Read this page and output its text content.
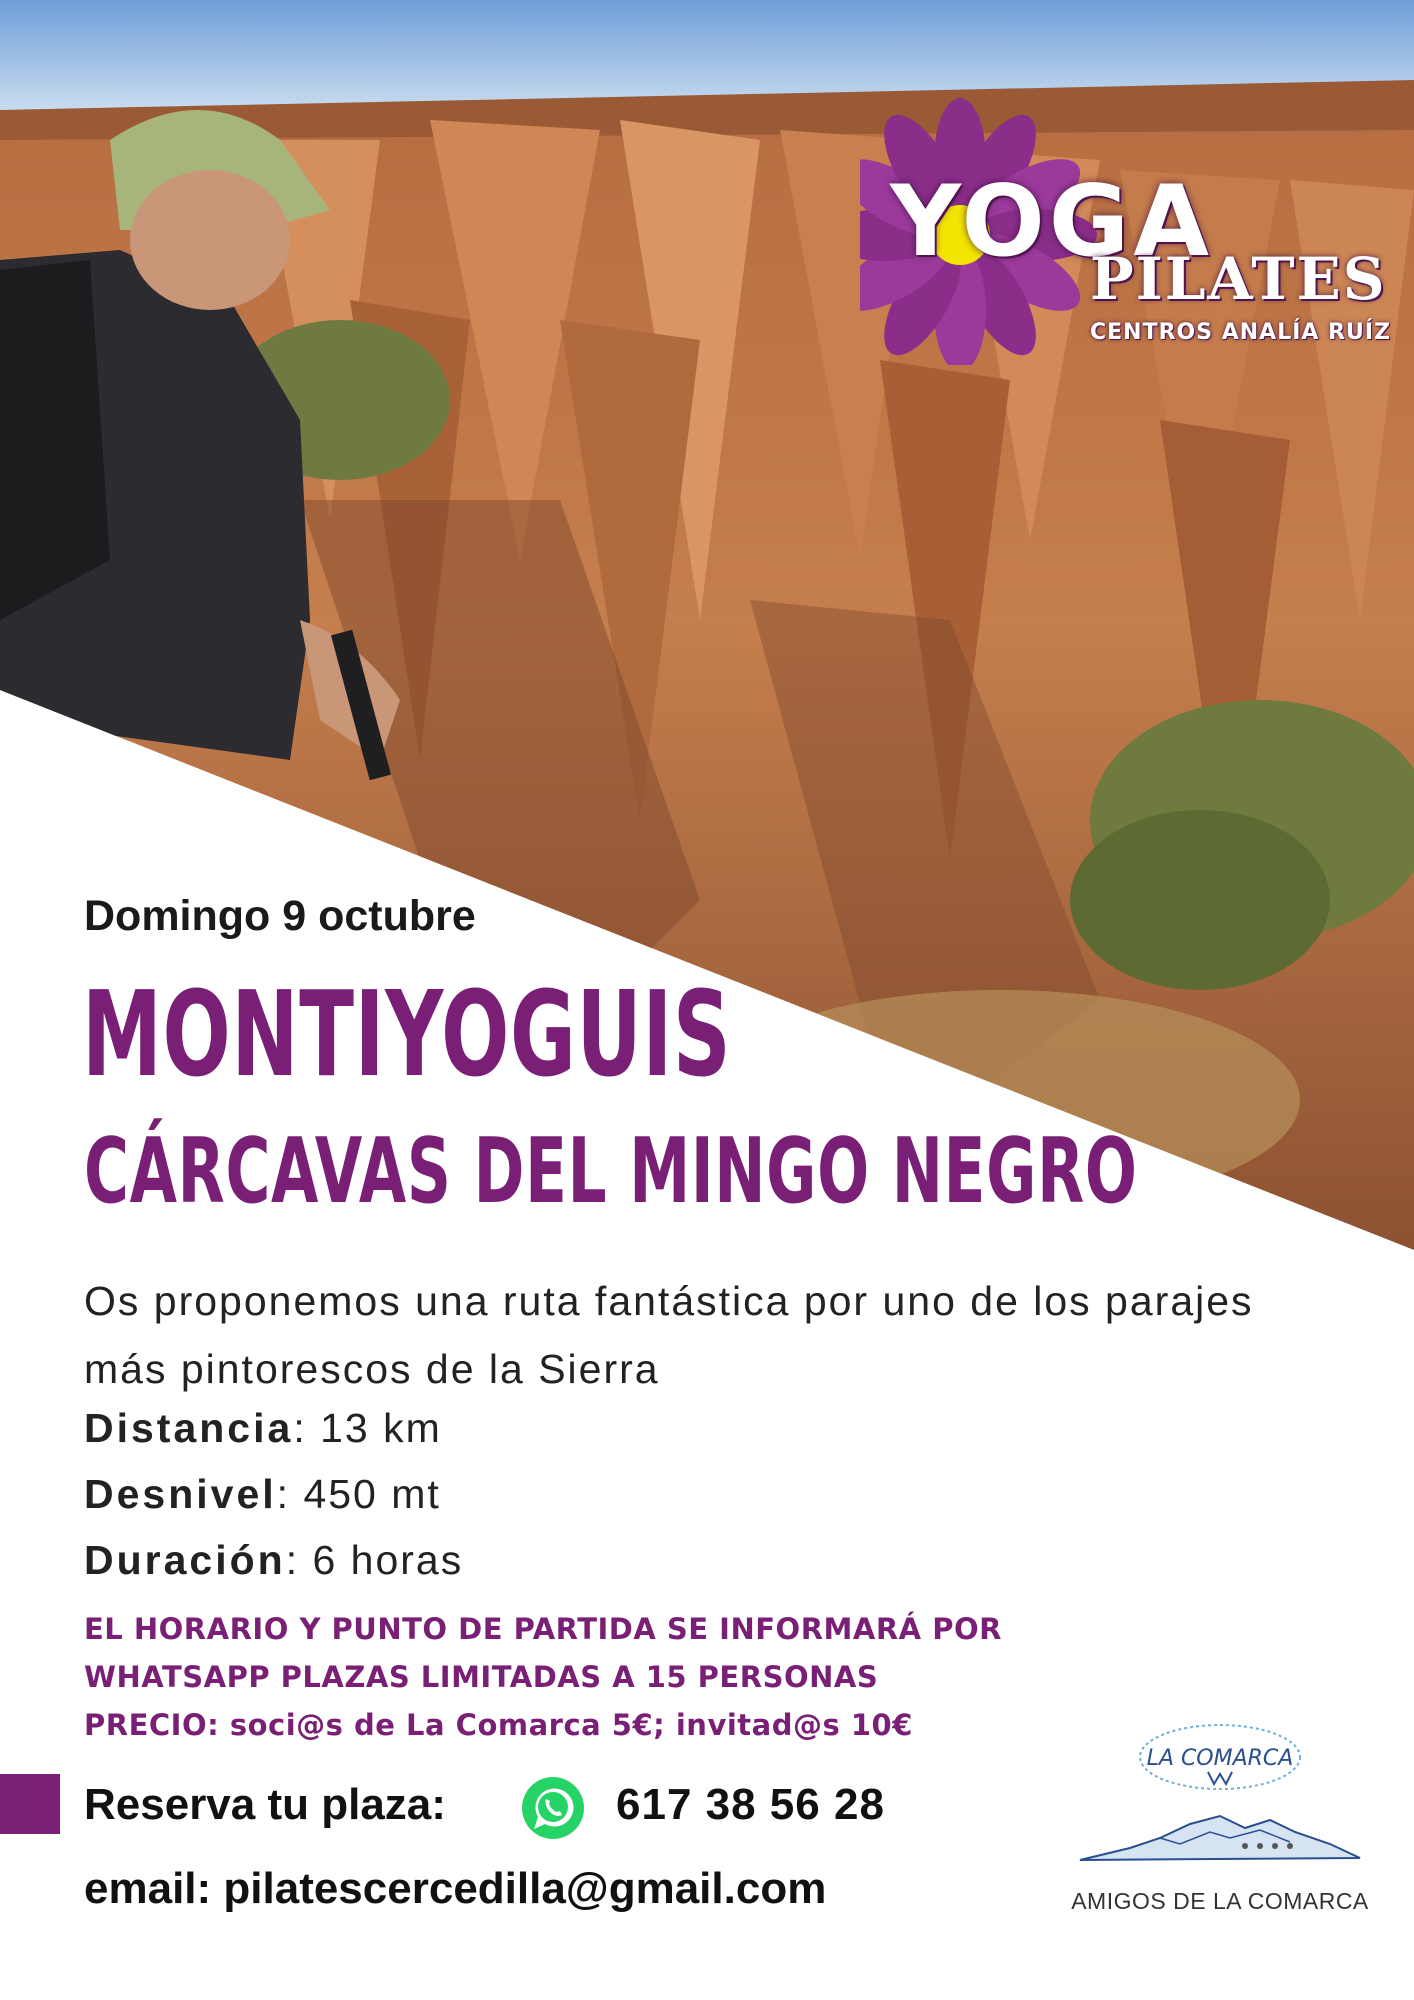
YOGA
PILATES
CENTROS ANALÍA RUÍZ
Domingo 9 octubre
MONTIYOGUIS
CÁRCAVAS DEL MINGO NEGRO
Os proponemos una ruta fantástica por uno de los parajes más pintorescos de la Sierra
Distancia: 13 km
Desnivel: 450 mt
Duración: 6 horas
EL HORARIO Y PUNTO DE PARTIDA SE INFORMARÁ POR
WHATSAPP PLAZAS LIMITADAS A 15 PERSONAS
PRECIO: soci@s de La Comarca 5€; invitad@s 10€
Reserva tu plaza:	617 38 56 28
email: pilatescercedilla@gmail.com
LA COMARCA
AMIGOS DE LA COMARCA
